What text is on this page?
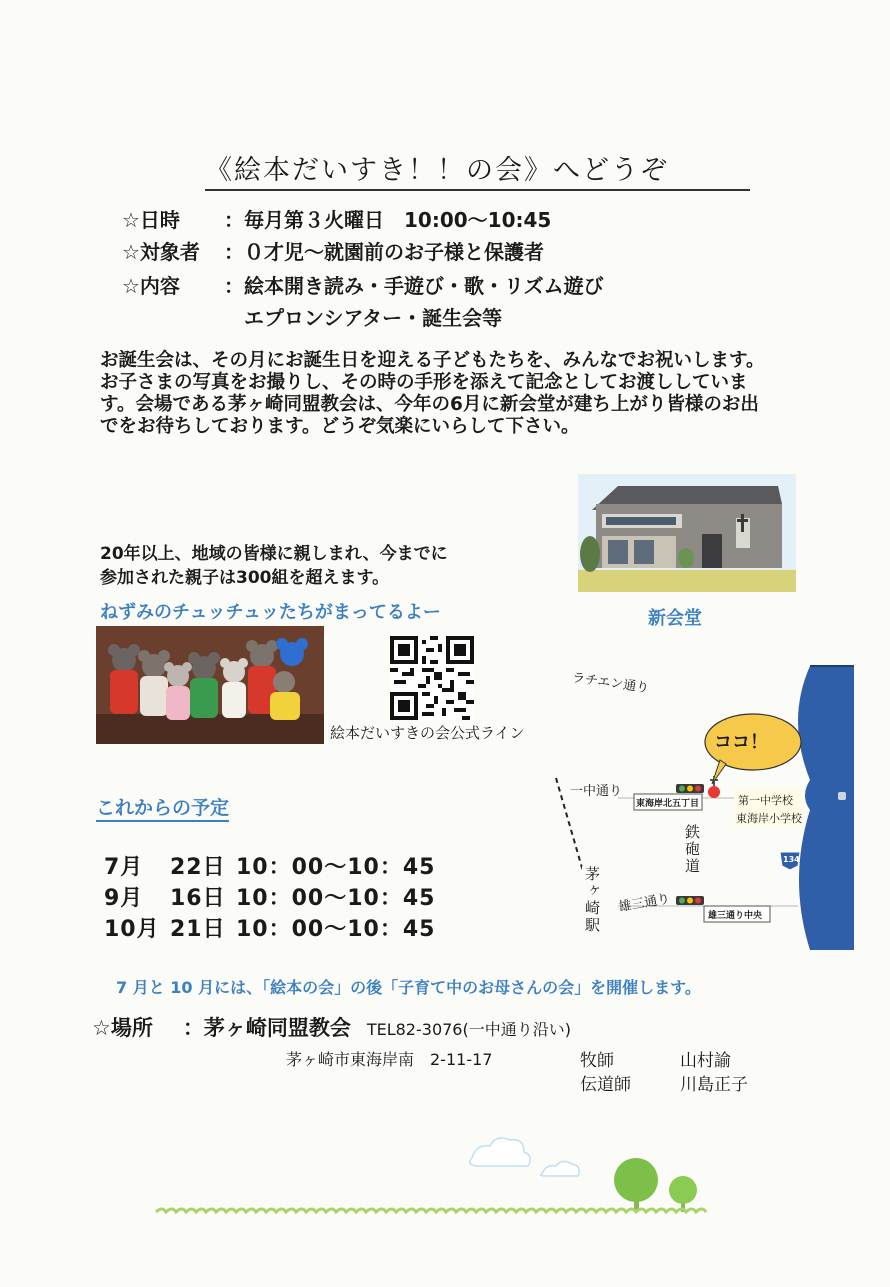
《絵本だいすき！！の会》へどうぞ
☆日時 ：毎月第３火曜日　10:00～10:45
☆対象者 ：０才児～就園前のお子様と保護者
☆内容 ：絵本開き読み・手遊び・歌・リズム遊び
エプロンシアター・誕生会等
お誕生会は、その月にお誕生日を迎える子どもたちを、みんなでお祝いします。
お子さまの写真をお撮りし、その時の手形を添えて記念としてお渡ししていま
す。会場である茅ヶ崎同盟教会は、今年の6月に新会堂が建ち上がり皆様のお出
でをお待ちしております。どうぞ気楽にいらして下さい。
新会堂
20年以上、地域の皆様に親しまれ、今までに
参加された親子は300組を超えます。
ねずみのチュッチュッたちがまってるよー
絵本だいすきの会公式ライン
ラチエン通り
ココ！
一中通り
東海岸北五丁目	第一中学校
東海岸小学校
鉄砲道
茅ヶ崎駅 雄三通り
雄三通り中央
134
これからの予定
7月 22日 10：00～10：45
9月 16日 10：00～10：45
10月 21日 10：00～10：45
7 月と 10 月には、「絵本の会」の後「子育て中のお母さんの会」を開催します。
☆場所 ：茅ヶ崎同盟教会 TEL82-3076(一中通り沿い)
茅ヶ崎市東海岸南　2-11-17	牧師	山村諭
伝道師	川島正子
